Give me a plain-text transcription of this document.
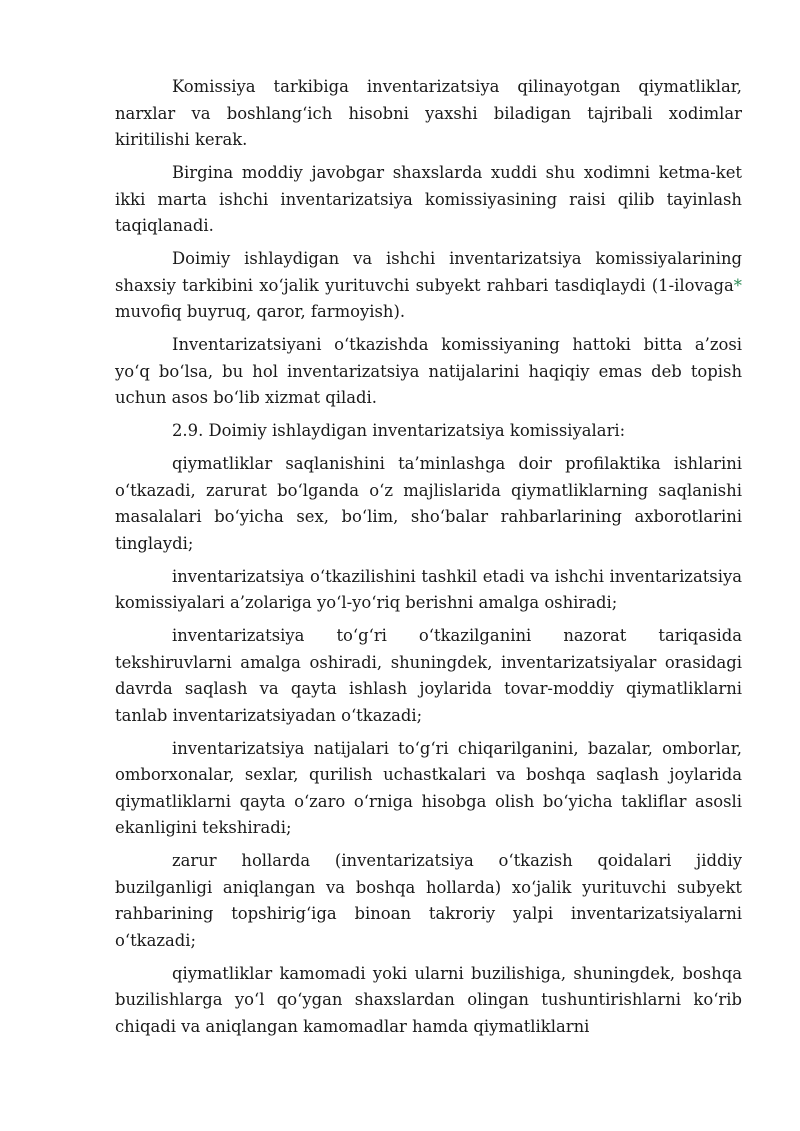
Komissiya tarkibiga inventarizatsiya qilinayotgan qiymatliklar, narxlar va boshlang‘ich hisobni yaxshi biladigan tajribali xodimlar kiritilishi kerak.

Birgina moddiy javobgar shaxslarda xuddi shu xodimni ketma-ket ikki marta ishchi inventarizatsiya komissiyasining raisi qilib tayinlash taqiqlanadi.

Doimiy ishlaydigan va ishchi inventarizatsiya komissiyalarining shaxsiy tarkibini xo‘jalik yurituvchi subyekt rahbari tasdiqlaydi (1-ilovaga* muvofiq buyruq, qaror, farmoyish).

Inventarizatsiyani o‘tkazishda komissiyaning hattoki bitta a’zosi yo‘q bo‘lsa, bu hol inventarizatsiya natijalarini haqiqiy emas deb topish uchun asos bo‘lib xizmat qiladi.

2.9. Doimiy ishlaydigan inventarizatsiya komissiyalari:

qiymatliklar saqlanishini ta’minlashga doir profilaktika ishlarini o‘tkazadi, zarurat bo‘lganda o‘z majlislarida qiymatliklarning saqlanishi masalalari bo‘yicha sex, bo‘lim, sho‘balar rahbarlarining axborotlarini tinglaydi;

inventarizatsiya o‘tkazilishini tashkil etadi va ishchi inventarizatsiya komissiyalari a’zolariga yo‘l-yo‘riq berishni amalga oshiradi;

inventarizatsiya to‘g‘ri o‘tkazilganini nazorat tariqasida tekshiruvlarni amalga oshiradi, shuningdek, inventarizatsiyalar orasidagi davrda saqlash va qayta ishlash joylarida tovar-moddiy qiymatliklarni tanlab inventarizatsiyadan o‘tkazadi;

inventarizatsiya natijalari to‘g‘ri chiqarilganini, bazalar, omborlar, omborxonalar, sexlar, qurilish uchastkalari va boshqa saqlash joylarida qiymatliklarni qayta o‘zaro o‘rniga hisobga olish bo‘yicha takliflar asosli ekanligini tekshiradi;

zarur hollarda (inventarizatsiya o‘tkazish qoidalari jiddiy buzilganligi aniqlangan va boshqa hollarda) xo‘jalik yurituvchi subyekt rahbarining topshirig‘iga binoan takroriy yalpi inventarizatsiyalarni o‘tkazadi;

qiymatliklar kamomadi yoki ularni buzilishiga, shuningdek, boshqa buzilishlarga yo‘l qo‘ygan shaxslardan olingan tushuntirishlarni ko‘rib chiqadi va aniqlangan kamomadlar hamda qiymatliklarni
